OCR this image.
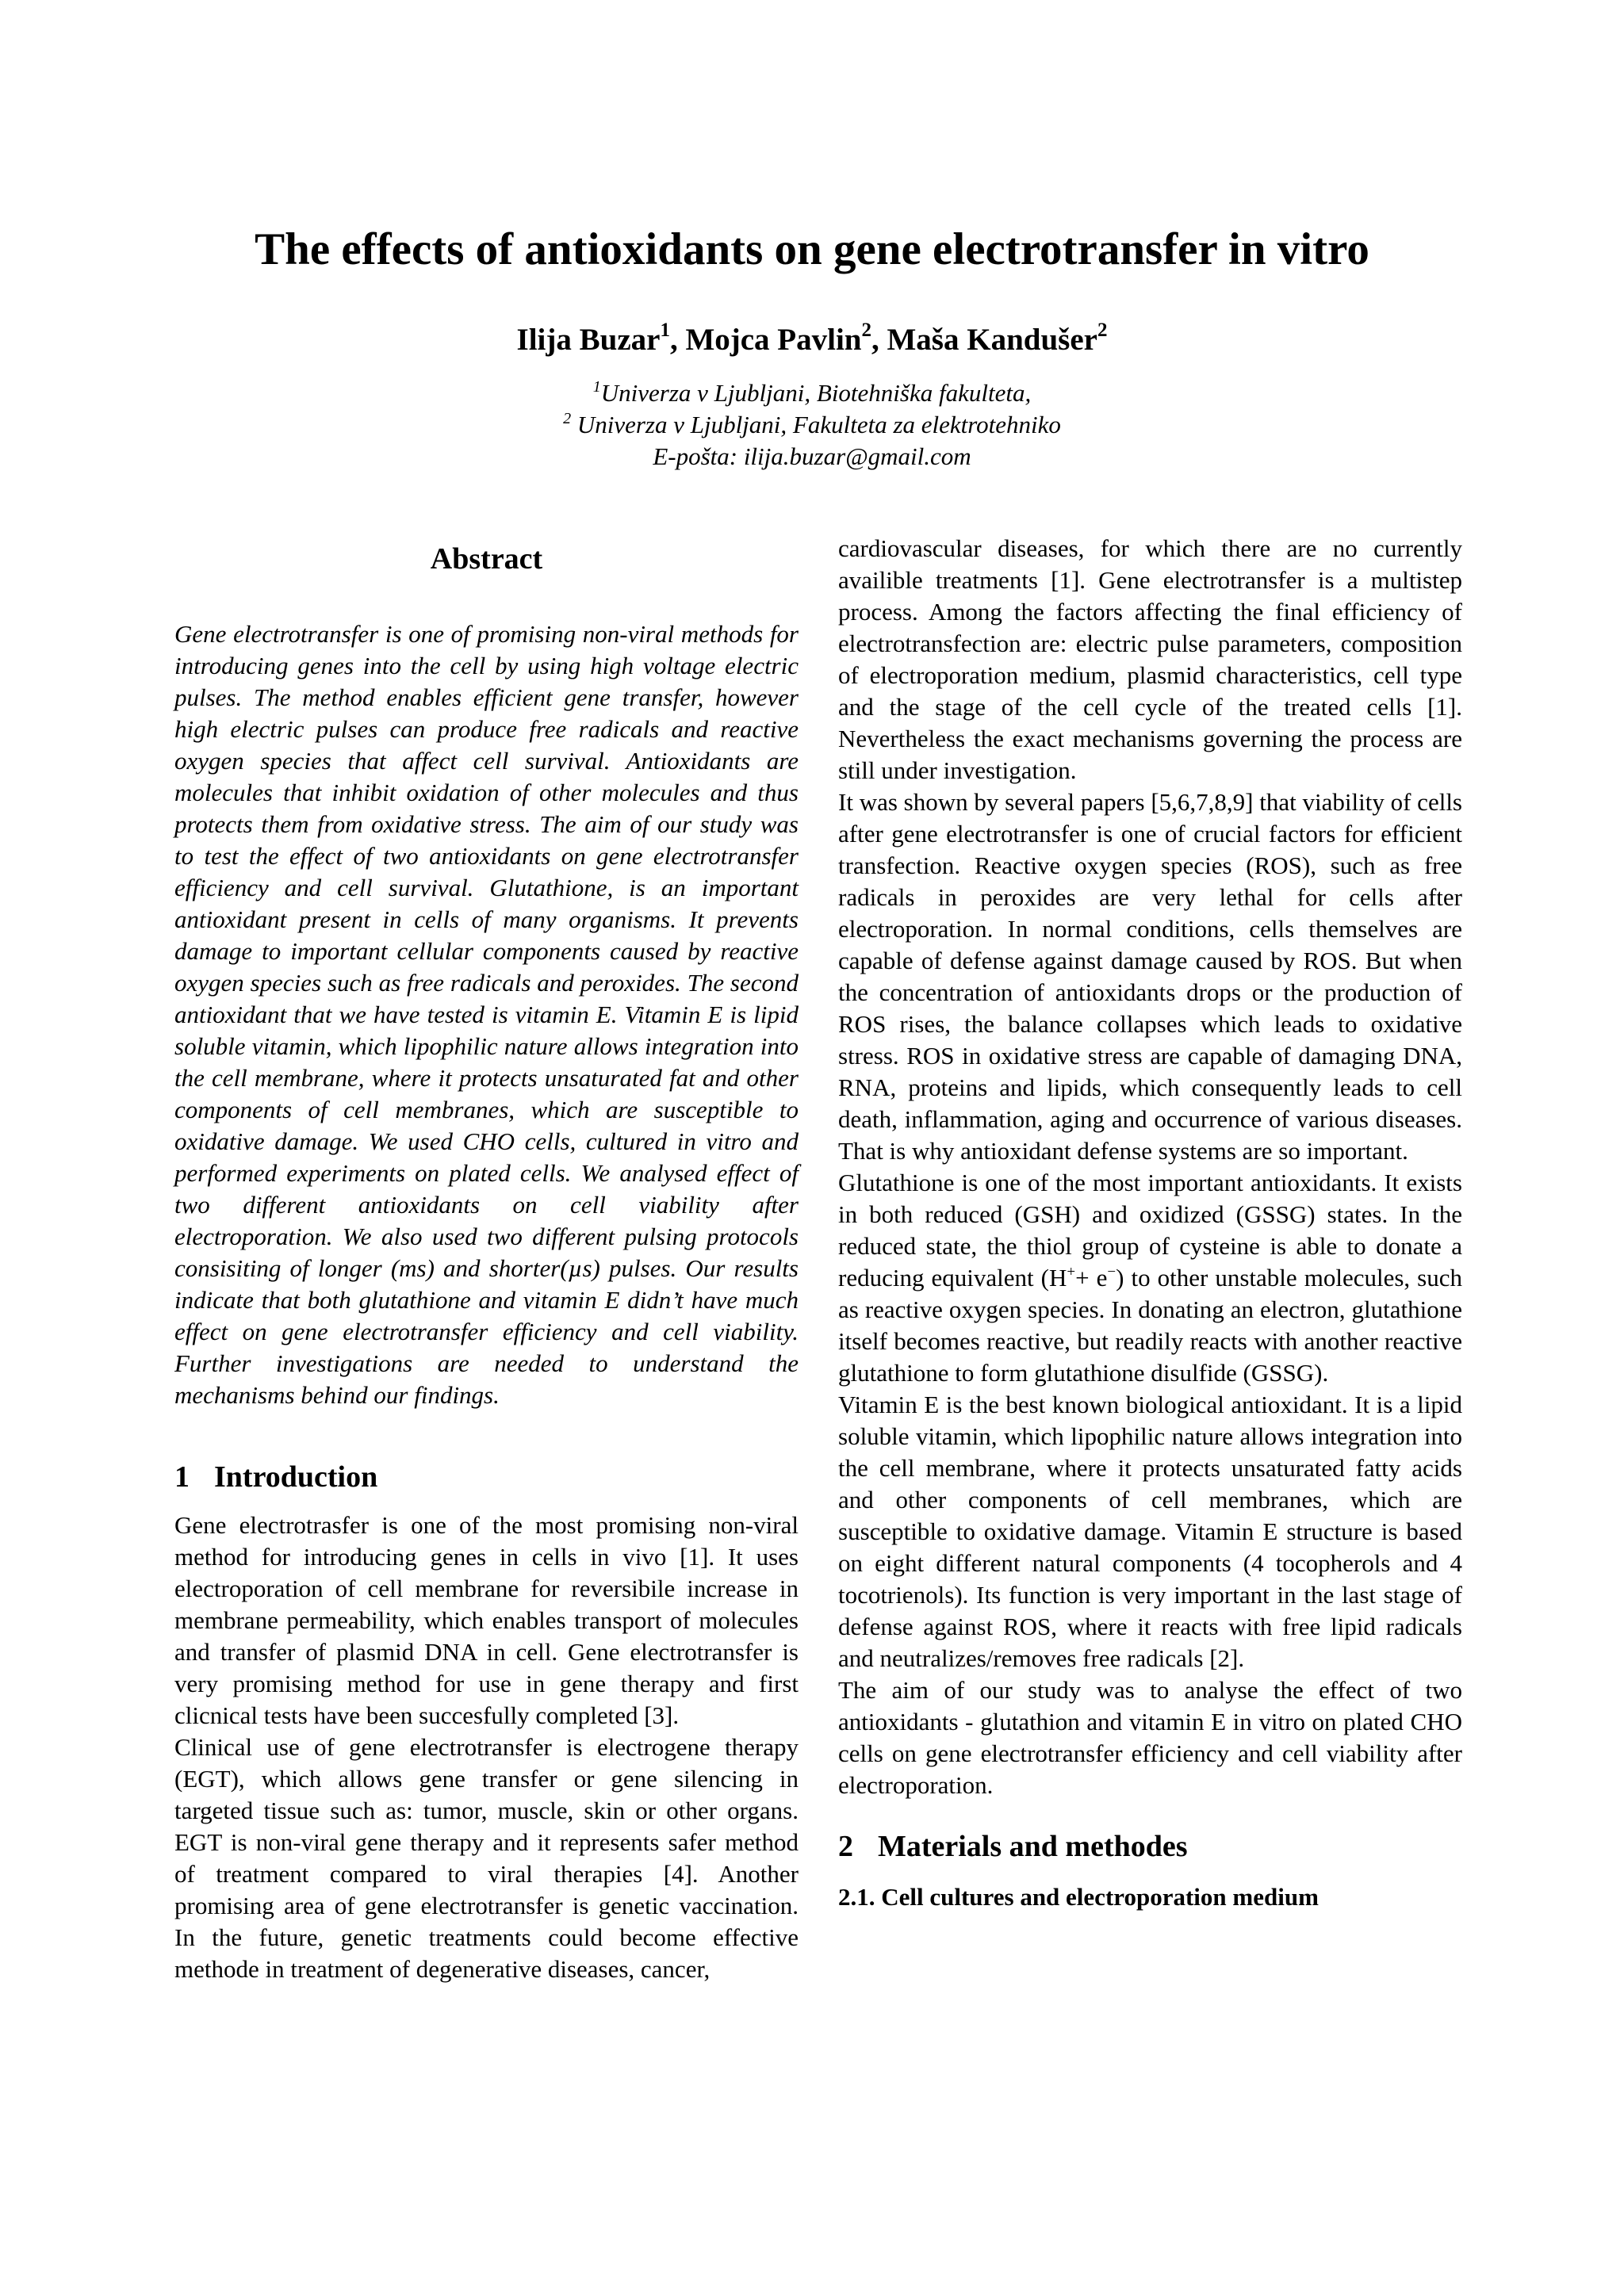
The effects of antioxidants on gene electrotransfer in vitro
Ilija Buzar$^1$, Mojca Pavlin$^2$, Maša Kandušer$^2$
$^1$Univerza v Ljubljani, Biotehniška fakulteta,
$^2$ Univerza v Ljubljani, Fakulteta za elektrotehniko
E-pošta: ilija.buzar@gmail.com
Abstract

Gene electrotransfer is one of promising non-viral methods for introducing genes into the cell by using high voltage electric pulses. The method enables efficient gene transfer, however high electric pulses can produce free radicals and reactive oxygen species that affect cell survival. Antioxidants are molecules that inhibit oxidation of other molecules and thus protects them from oxidative stress. The aim of our study was to test the effect of two antioxidants on gene electrotransfer efficiency and cell survival. Glutathione, is an important antioxidant present in cells of many organisms. It prevents damage to important cellular components caused by reactive oxygen species such as free radicals and peroxides. The second antioxidant that we have tested is vitamin E. Vitamin E is lipid soluble vitamin, which lipophilic nature allows integration into the cell membrane, where it protects unsaturated fat and other components of cell membranes, which are susceptible to oxidative damage. We used CHO cells, cultured in vitro and performed experiments on plated cells. We analysed effect of two different antioxidants on cell viability after electroporation. We also used two different pulsing protocols consisiting of longer (ms) and shorter(µs) pulses. Our results indicate that both glutathione and vitamin E didn’t have much effect on gene electrotransfer efficiency and cell viability. Further investigations are needed to understand the mechanisms behind our findings.

1 Introduction

Gene electrotrasfer is one of the most promising non-viral method for introducing genes in cells in vivo [1]. It uses electroporation of cell membrane for reversibile increase in membrane permeability, which enables transport of molecules and transfer of plasmid DNA in cell. Gene electrotransfer is very promising method for use in gene therapy and first clicnical tests have been succesfully completed [3].

Clinical use of gene electrotransfer is electrogene therapy (EGT), which allows gene transfer or gene silencing in targeted tissue such as: tumor, muscle, skin or other organs. EGT is non-viral gene therapy and it represents safer method of treatment compared to viral therapies [4]. Another promising area of gene electrotransfer is genetic vaccination. In the future, genetic treatments could become effective methode in treatment of degenerative diseases, cancer,

cardiovascular diseases, for which there are no currently availible treatments [1]. Gene electrotransfer is a multistep process. Among the factors affecting the final efficiency of electrotransfection are: electric pulse parameters, composition of electroporation medium, plasmid characteristics, cell type and the stage of the cell cycle of the treated cells [1]. Nevertheless the exact mechanisms governing the process are still under investigation.

It was shown by several papers [5,6,7,8,9] that viability of cells after gene electrotransfer is one of crucial factors for efficient transfection. Reactive oxygen species (ROS), such as free radicals in peroxides are very lethal for cells after electroporation. In normal conditions, cells themselves are capable of defense against damage caused by ROS. But when the concentration of antioxidants drops or the production of ROS rises, the balance collapses which leads to oxidative stress. ROS in oxidative stress are capable of damaging DNA, RNA, proteins and lipids, which consequently leads to cell death, inflammation, aging and occurrence of various diseases. That is why antioxidant defense systems are so important.

Glutathione is one of the most important antioxidants. It exists in both reduced (GSH) and oxidized (GSSG) states. In the reduced state, the thiol group of cysteine is able to donate a reducing equivalent (H++ e−) to other unstable molecules, such as reactive oxygen species. In donating an electron, glutathione itself becomes reactive, but readily reacts with another reactive glutathione to form glutathione disulfide (GSSG).

Vitamin E is the best known biological antioxidant. It is a lipid soluble vitamin, which lipophilic nature allows integration into the cell membrane, where it protects unsaturated fatty acids and other components of cell membranes, which are susceptible to oxidative damage. Vitamin E structure is based on eight different natural components (4 tocopherols and 4 tocotrienols). Its function is very important in the last stage of defense against ROS, where it reacts with free lipid radicals and neutralizes/removes free radicals [2].

The aim of our study was to analyse the effect of two antioxidants - glutathion and vitamin E in vitro on plated CHO cells on gene electrotransfer efficiency and cell viability after electroporation.

2 Materials and methodes
2.1. Cell cultures and electroporation medium
